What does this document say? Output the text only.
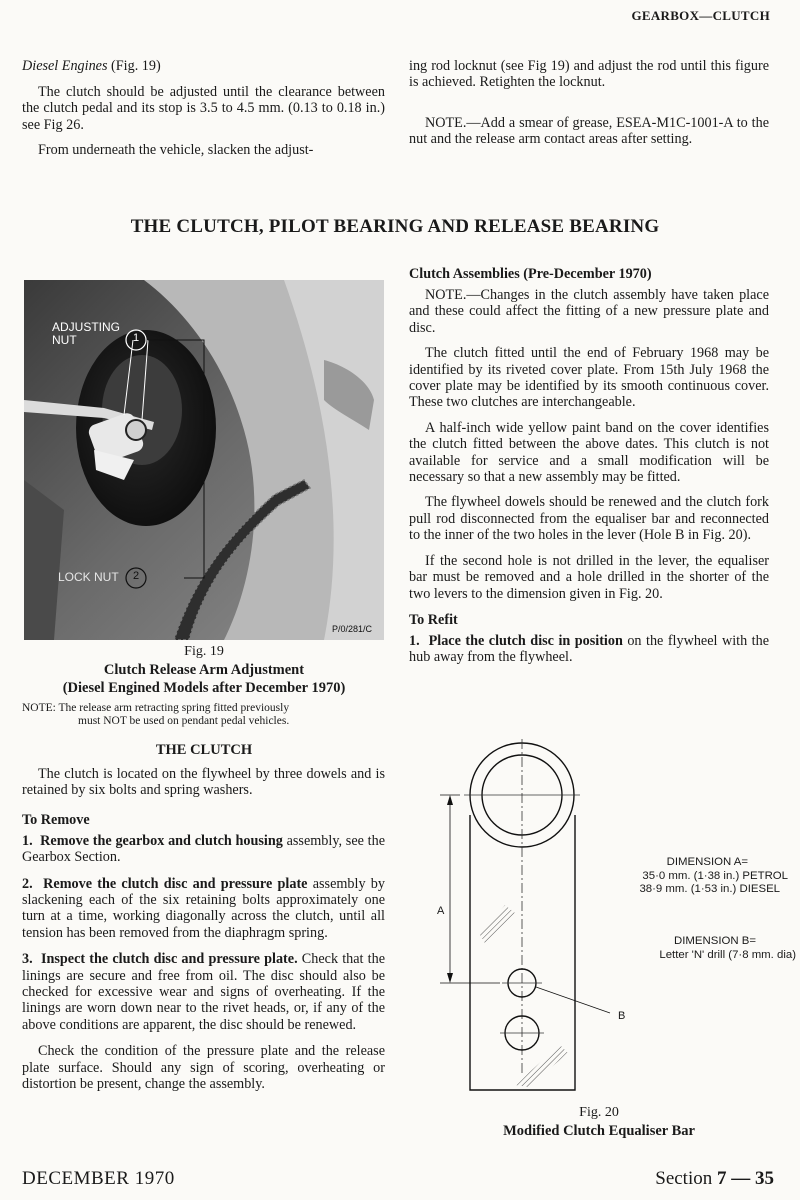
GEARBOX—CLUTCH

Diesel Engines (Fig. 19)

The clutch should be adjusted until the clearance between the clutch pedal and its stop is 3.5 to 4.5 mm. (0.13 to 0.18 in.) see Fig 26.

From underneath the vehicle, slacken the adjust-

ing rod locknut (see Fig 19) and adjust the rod until this figure is achieved. Retighten the locknut.

NOTE.—Add a smear of grease, ESEA-M1C-1001-A to the nut and the release arm contact areas after setting.

THE CLUTCH, PILOT BEARING AND RELEASE BEARING
ADJUSTING
NUT	1
LOCK NUT 2
P/0/281/C
Fig. 19
Clutch Release Arm Adjustment
(Diesel Engined Models after December 1970)
NOTE: The release arm retracting spring fitted previously
must NOT be used on pendant pedal vehicles.
THE CLUTCH

The clutch is located on the flywheel by three dowels and is retained by six bolts and spring washers.

To Remove

1. Remove the gearbox and clutch housing assembly, see the Gearbox Section.

2. Remove the clutch disc and pressure plate assembly by slackening each of the six retaining bolts approximately one turn at a time, working diagonally across the clutch, until all tension has been removed from the diaphragm spring.

3. Inspect the clutch disc and pressure plate. Check that the linings are secure and free from oil. The disc should also be checked for excessive wear and signs of overheating. If the linings are worn down near to the rivet heads, or, if any of the above conditions are apparent, the disc should be renewed.

Check the condition of the pressure plate and the release plate surface. Should any sign of scoring, overheating or distortion be present, change the assembly.

Clutch Assemblies (Pre-December 1970)

NOTE.—Changes in the clutch assembly have taken place and these could affect the fitting of a new pressure plate and disc.

The clutch fitted until the end of February 1968 may be identified by its riveted cover plate. From 15th July 1968 the cover plate may be identified by its smooth continuous cover. These two clutches are interchangeable.

A half-inch wide yellow paint band on the cover identifies the clutch fitted between the above dates. This clutch is not available for service and a small modification will be necessary so that a new assembly may be fitted.

The flywheel dowels should be renewed and the clutch fork pull rod disconnected from the equaliser bar and reconnected to the inner of the two holes in the lever (Hole B in Fig. 20).

If the second hole is not drilled in the lever, the equaliser bar must be removed and a hole drilled in the shorter of the two levers to the dimension given in Fig. 20.

To Refit

1. Place the clutch disc in position on the flywheel with the hub away from the flywheel.

A
B
DIMENSION A=
35·0 mm. (1·38 in.) PETROL
38·9 mm. (1·53 in.) DIESEL
DIMENSION B=
Letter 'N' drill (7·8 mm. dia)
Fig. 20
Modified Clutch Equaliser Bar
DECEMBER 1970	Section 7 — 35
